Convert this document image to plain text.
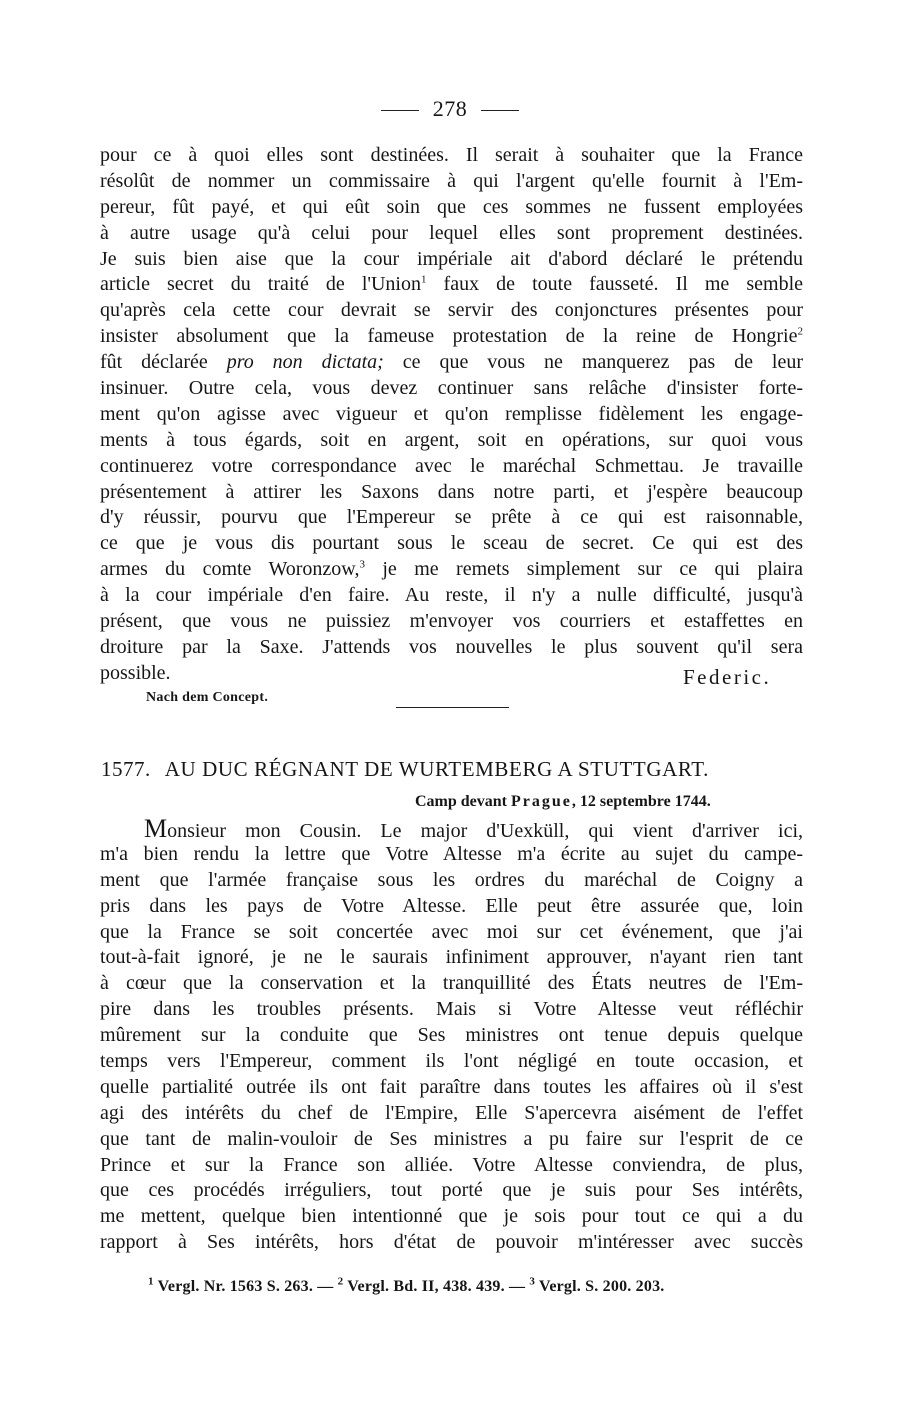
278
pour ce à quoi elles sont destinées. Il serait à souhaiter que la France
résolût de nommer un commissaire à qui l'argent qu'elle fournit à l'Em-
pereur, fût payé, et qui eût soin que ces sommes ne fussent employées
à autre usage qu'à celui pour lequel elles sont proprement destinées.
Je suis bien aise que la cour impériale ait d'abord déclaré le prétendu
article secret du traité de l'Union$^1$ faux de toute fausseté. Il me semble
qu'après cela cette cour devrait se servir des conjonctures présentes pour
insister absolument que la fameuse protestation de la reine de Hongrie$^2$
fût déclarée pro non dictata; ce que vous ne manquerez pas de leur
insinuer. Outre cela, vous devez continuer sans relâche d'insister forte-
ment qu'on agisse avec vigueur et qu'on remplisse fidèlement les engage-
ments à tous égards, soit en argent, soit en opérations, sur quoi vous
continuerez votre correspondance avec le maréchal Schmettau. Je travaille
présentement à attirer les Saxons dans notre parti, et j'espère beaucoup
d'y réussir, pourvu que l'Empereur se prête à ce qui est raisonnable,
ce que je vous dis pourtant sous le sceau de secret. Ce qui est des
armes du comte Woronzow,$^3$ je me remets simplement sur ce qui plaira
à la cour impériale d'en faire. Au reste, il n'y a nulle difficulté, jusqu'à
présent, que vous ne puissiez m'envoyer vos courriers et estaffettes en
droiture par la Saxe. J'attends vos nouvelles le plus souvent qu'il sera
possible.	Federic.
Nach dem Concept.
1577. AU DUC RÉGNANT DE WURTEMBERG A STUTTGART.
Camp devant Prague, 12 septembre 1744.
Monsieur mon Cousin. Le major d'Uexküll, qui vient d'arriver ici,
m'a bien rendu la lettre que Votre Altesse m'a écrite au sujet du campe-
ment que l'armée française sous les ordres du maréchal de Coigny a
pris dans les pays de Votre Altesse. Elle peut être assurée que, loin
que la France se soit concertée avec moi sur cet événement, que j'ai
tout-à-fait ignoré, je ne le saurais infiniment approuver, n'ayant rien tant
à cœur que la conservation et la tranquillité des États neutres de l'Em-
pire dans les troubles présents. Mais si Votre Altesse veut réfléchir
mûrement sur la conduite que Ses ministres ont tenue depuis quelque
temps vers l'Empereur, comment ils l'ont négligé en toute occasion, et
quelle partialité outrée ils ont fait paraître dans toutes les affaires où il s'est
agi des intérêts du chef de l'Empire, Elle S'apercevra aisément de l'effet
que tant de malin-vouloir de Ses ministres a pu faire sur l'esprit de ce
Prince et sur la France son alliée. Votre Altesse conviendra, de plus,
que ces procédés irréguliers, tout porté que je suis pour Ses intérêts,
me mettent, quelque bien intentionné que je sois pour tout ce qui a du
rapport à Ses intérêts, hors d'état de pouvoir m'intéresser avec succès
$^1$ Vergl. Nr. 1563 S. 263. — $^2$ Vergl. Bd. II, 438. 439. — $^3$ Vergl. S. 200. 203.
